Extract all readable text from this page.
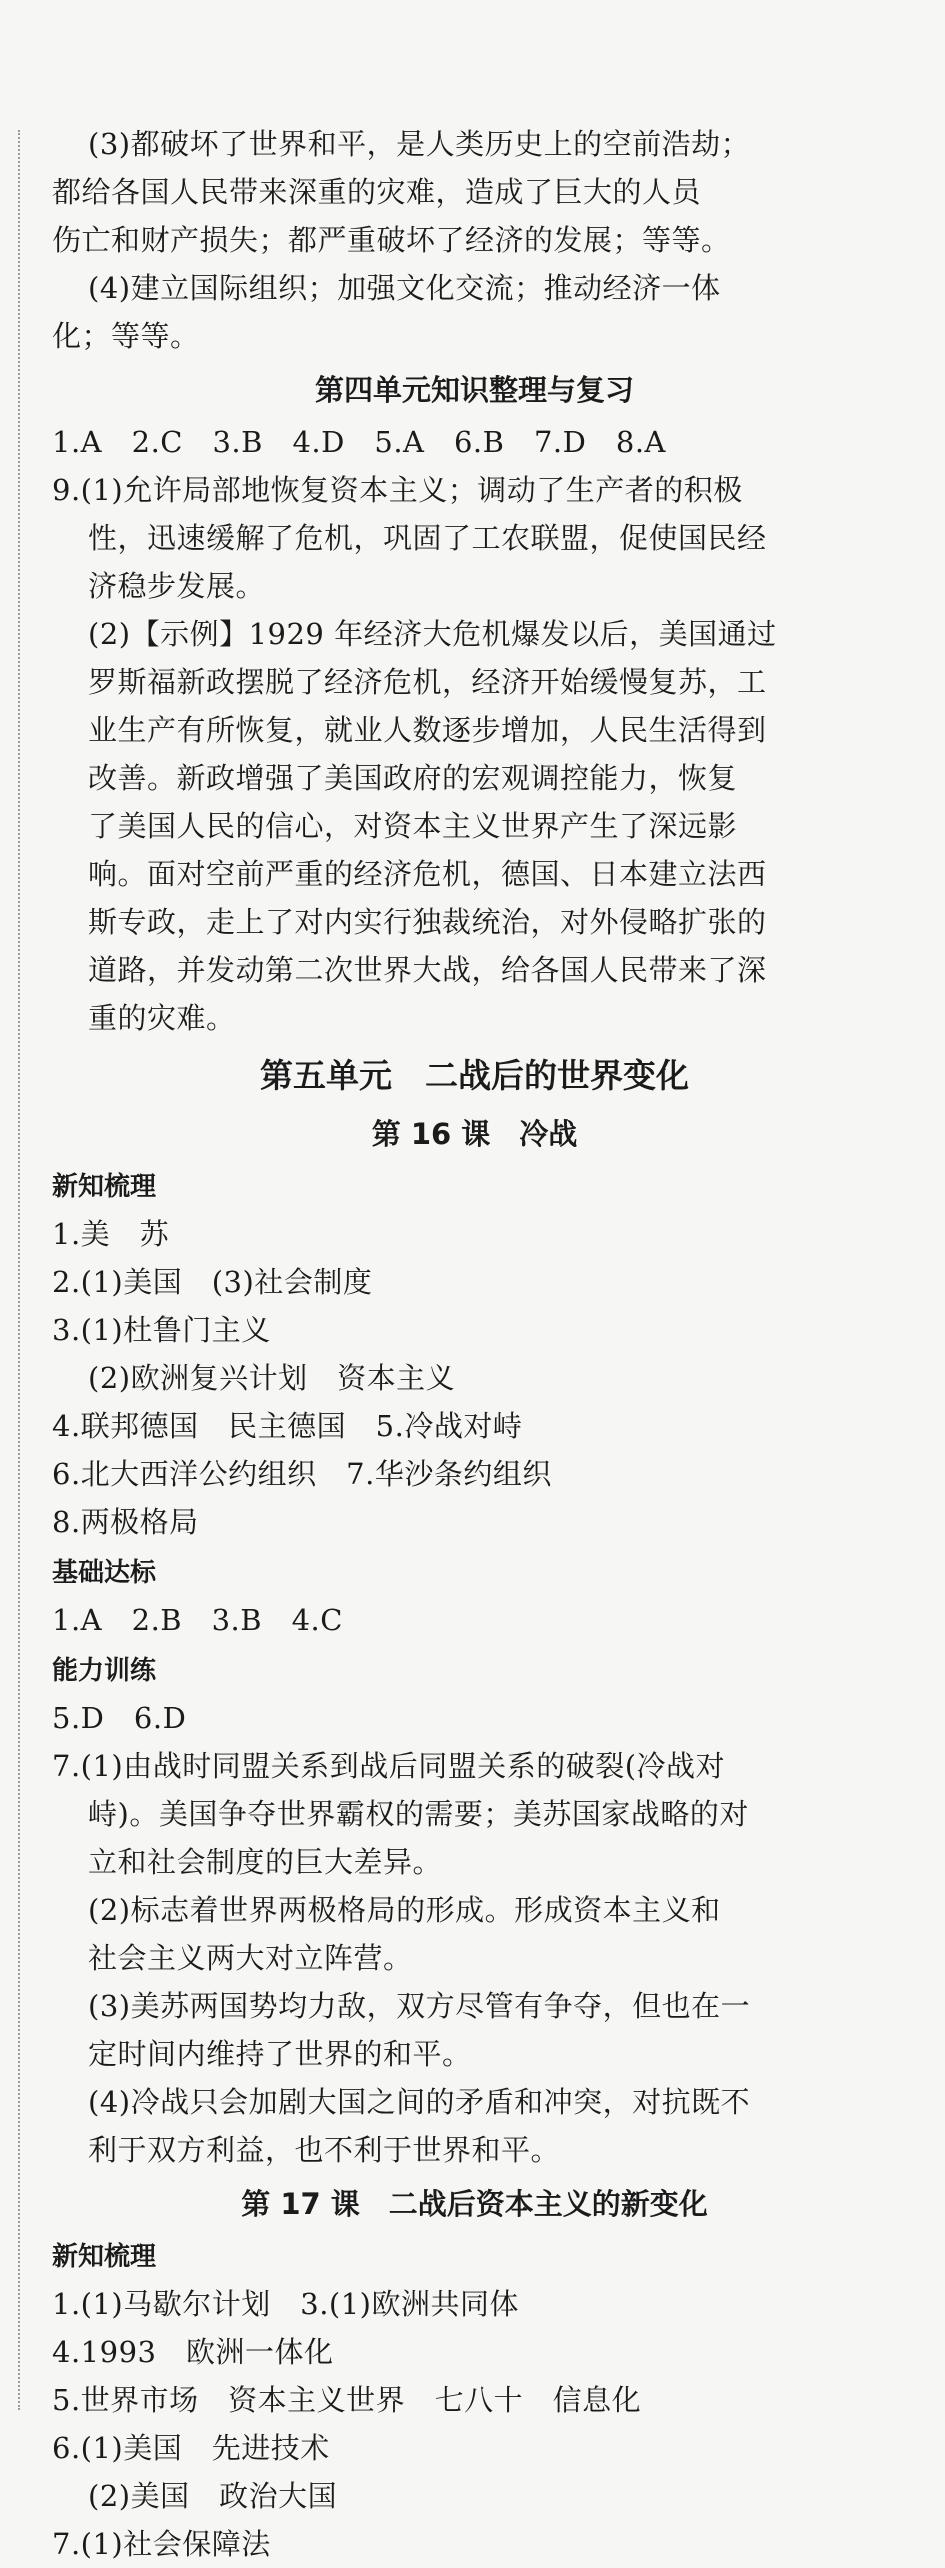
(3)都破坏了世界和平，是人类历史上的空前浩劫；

都给各国人民带来深重的灾难，造成了巨大的人员

伤亡和财产损失；都严重破坏了经济的发展；等等。

(4)建立国际组织；加强文化交流；推动经济一体

化；等等。

第四单元知识整理与复习

1.A　2.C　3.B　4.D　5.A　6.B　7.D　8.A

9.(1)允许局部地恢复资本主义；调动了生产者的积极

性，迅速缓解了危机，巩固了工农联盟，促使国民经

济稳步发展。

(2)【示例】1929 年经济大危机爆发以后，美国通过

罗斯福新政摆脱了经济危机，经济开始缓慢复苏，工

业生产有所恢复，就业人数逐步增加，人民生活得到

改善。新政增强了美国政府的宏观调控能力，恢复

了美国人民的信心，对资本主义世界产生了深远影

响。面对空前严重的经济危机，德国、日本建立法西

斯专政，走上了对内实行独裁统治，对外侵略扩张的

道路，并发动第二次世界大战，给各国人民带来了深

重的灾难。

第五单元　二战后的世界变化
第 16 课　冷战
新知梳理

1.美　苏

2.(1)美国　(3)社会制度

3.(1)杜鲁门主义

(2)欧洲复兴计划　资本主义

4.联邦德国　民主德国　5.冷战对峙

6.北大西洋公约组织　7.华沙条约组织

8.两极格局

基础达标

1.A　2.B　3.B　4.C

能力训练

5.D　6.D

7.(1)由战时同盟关系到战后同盟关系的破裂(冷战对

峙)。美国争夺世界霸权的需要；美苏国家战略的对

立和社会制度的巨大差异。

(2)标志着世界两极格局的形成。形成资本主义和

社会主义两大对立阵营。

(3)美苏两国势均力敌，双方尽管有争夺，但也在一

定时间内维持了世界的和平。

(4)冷战只会加剧大国之间的矛盾和冲突，对抗既不

利于双方利益，也不利于世界和平。

第 17 课　二战后资本主义的新变化
新知梳理

1.(1)马歇尔计划　3.(1)欧洲共同体

4.1993　欧洲一体化

5.世界市场　资本主义世界　七八十　信息化

6.(1)美国　先进技术

(2)美国　政治大国

7.(1)社会保障法
